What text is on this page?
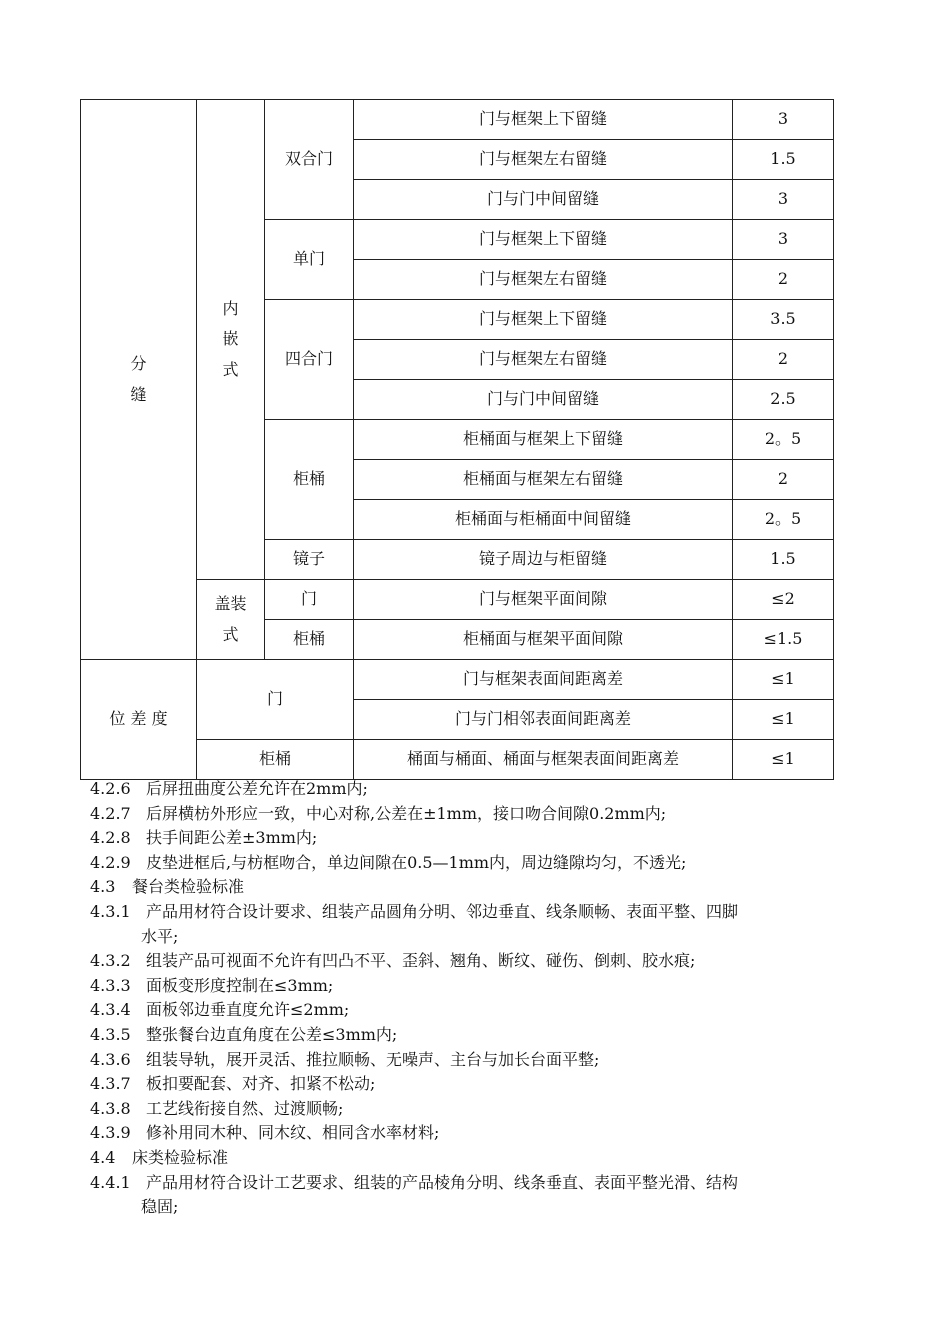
分缝	内嵌式	双合门	门与框架上下留缝	3
			门与框架左右留缝	1.5
			门与门中间留缝	3
		单门	门与框架上下留缝	3
			门与框架左右留缝	2
		四合门	门与框架上下留缝	3.5
			门与框架左右留缝	2
			门与门中间留缝	2.5
		柜桶	柜桶面与框架上下留缝	2。5
			柜桶面与框架左右留缝	2
			柜桶面与柜桶面中间留缝	2。5
		镜子	镜子周边与柜留缝	1.5
	盖装式	门	门与框架平面间隙	≤2
		柜桶	柜桶面与框架平面间隙	≤1.5
位 差 度	门		门与框架表面间距离差	≤1
			门与门相邻表面间距离差	≤1
	柜桶		桶面与桶面、桶面与框架表面间距离差	≤1
4.2.6 后屏扭曲度公差允许在2mm内;
4.2.7 后屏横枋外形应一致，中心对称,公差在±1mm，接口吻合间隙0.2mm内;
4.2.8 扶手间距公差±3mm内;
4.2.9 皮垫进框后,与枋框吻合，单边间隙在0.5—1mm内，周边缝隙均匀，不透光;
4.3 餐台类检验标准
4.3.1 产品用材符合设计要求、组装产品圆角分明、邻边垂直、线条顺畅、表面平整、四脚
水平;
4.3.2 组装产品可视面不允许有凹凸不平、歪斜、翘角、断纹、碰伤、倒刺、胶水痕;
4.3.3 面板变形度控制在≤3mm;
4.3.4 面板邻边垂直度允许≤2mm;
4.3.5 整张餐台边直角度在公差≤3mm内;
4.3.6 组装导轨，展开灵活、推拉顺畅、无噪声、主台与加长台面平整;
4.3.7 板扣要配套、对齐、扣紧不松动;
4.3.8 工艺线衔接自然、过渡顺畅;
4.3.9 修补用同木种、同木纹、相同含水率材料;
4.4 床类检验标准
4.4.1 产品用材符合设计工艺要求、组装的产品棱角分明、线条垂直、表面平整光滑、结构
稳固;
